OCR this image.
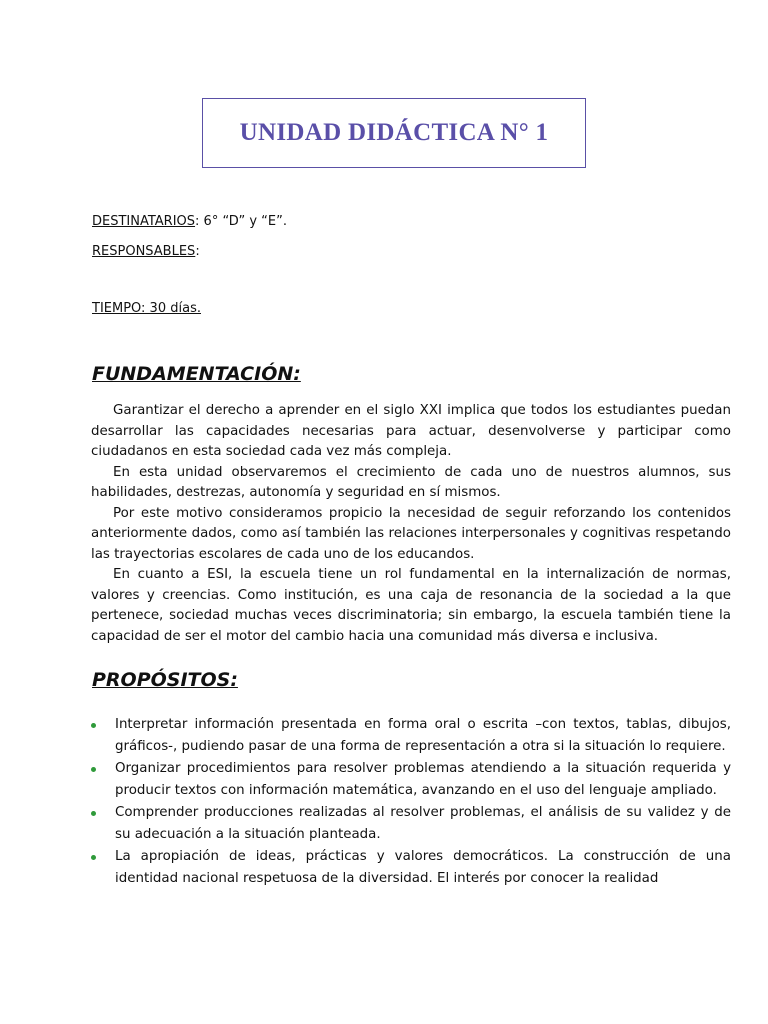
UNIDAD DIDÁCTICA N° 1
DESTINATARIOS: 6° “D” y “E”.
RESPONSABLES:
TIEMPO: 30 días.
FUNDAMENTACIÓN:

Garantizar el derecho a aprender en el siglo XXI implica que todos los estudiantes puedan desarrollar las capacidades necesarias para actuar, desenvolverse y participar como ciudadanos en esta sociedad cada vez más compleja.

En esta unidad observaremos el crecimiento de cada uno de nuestros alumnos, sus habilidades, destrezas, autonomía y seguridad en sí mismos.

Por este motivo consideramos propicio la necesidad de seguir reforzando los contenidos anteriormente dados, como así también las relaciones interpersonales y cognitivas respetando las trayectorias escolares de cada uno de los educandos.

En cuanto a ESI, la escuela tiene un rol fundamental en la internalización de normas, valores y creencias. Como institución, es una caja de resonancia de la sociedad a la que pertenece, sociedad muchas veces discriminatoria; sin embargo, la escuela también tiene la capacidad de ser el motor del cambio hacia una comunidad más diversa e inclusiva.

PROPÓSITOS:
Interpretar información presentada en forma oral o escrita –con textos, tablas, dibujos, gráficos-, pudiendo pasar de una forma de representación a otra si la situación lo requiere.
Organizar procedimientos para resolver problemas atendiendo a la situación requerida y producir textos con información matemática, avanzando en el uso del lenguaje ampliado.
Comprender producciones realizadas al resolver problemas, el análisis de su validez y de su adecuación a la situación planteada.
La apropiación de ideas, prácticas y valores democráticos. La construcción de una identidad nacional respetuosa de la diversidad. El interés por conocer la realidad
